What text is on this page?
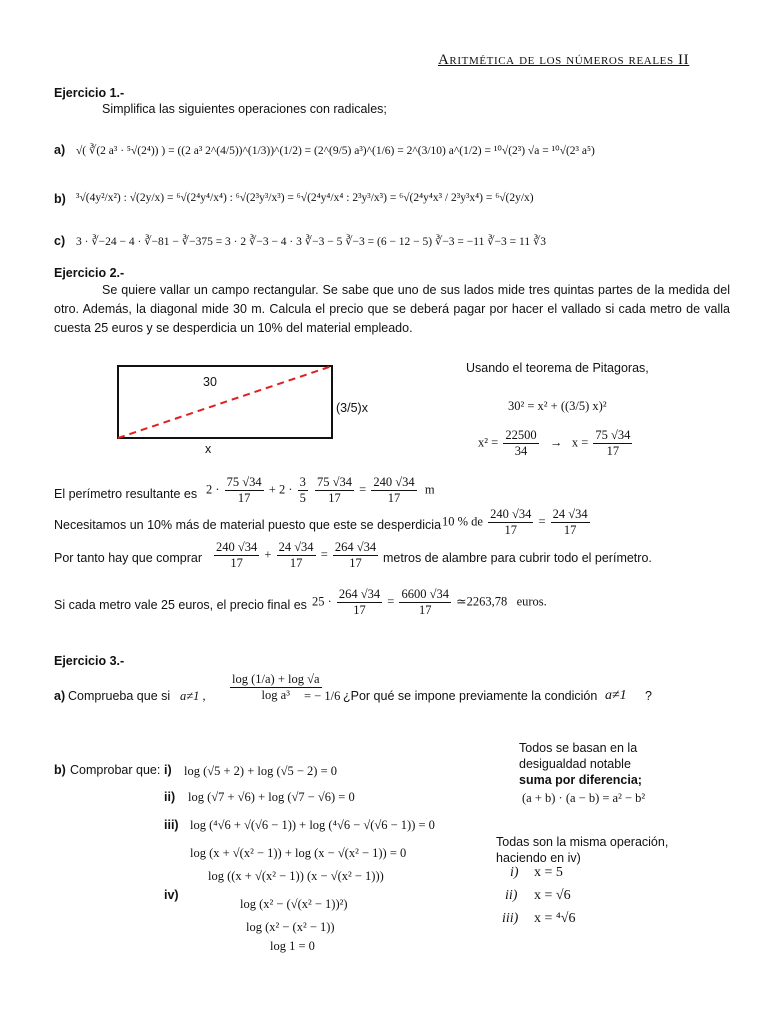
Aritmética de los números reales II
Ejercicio 1.-
Simplifica las siguientes operaciones con radicales;
a) √( ∛(2 a³ · ⁵√(2⁴)) ) = ((2 a³ 2^(4/5))^(1/3))^(1/2) = (2^(9/5) a³)^(1/6) = 2^(3/10) a^(1/2) = ¹⁰√(2³) √a = ¹⁰√(2³ a⁵)
b) ³√(4y²/x²) : √(2y/x) = ⁶√(2⁴y⁴/x⁴) : ⁶√(2³y³/x³) = ⁶√(2⁴y⁴/x⁴ : 2³y³/x³) = ⁶√(2⁴y⁴x³ / 2³y³x⁴) = ⁶√(2y/x)
c) 3 · ∛−24 − 4 · ∛−81 − ∛−375 = 3 · 2 ∛−3 − 4 · 3 ∛−3 − 5 ∛−3 = (6 − 12 − 5) ∛−3 = −11 ∛−3 = 11 ∛3
Ejercicio 2.-
Se quiere vallar un campo rectangular. Se sabe que uno de sus lados mide tres quintas partes de la medida del otro. Además, la diagonal mide 30 m. Calcula el precio que se deberá pagar por hacer el vallado si cada metro de valla cuesta 25 euros y se desperdicia un 10% del material empleado.
30
(3/5)x
x
Usando el teorema de Pitagoras,
30² = x² + ((3/5) x)²
$x^2 = \frac{22500}{34} \to x = \frac{75 √34}{17}$
El perímetro resultante es $2 \cdot \frac{75 √34}{17} + 2 \cdot \frac{3}{5}$
$\frac{75 √34}{17} = \frac{240 √34}{17}$ m
Necesitamos un 10% más de material puesto que este se desperdicia 10 % de $\frac{240 √34}{17} = \frac{24 √34}{17}$
Por tanto hay que comprar $\frac{240 √34}{17} + \frac{24 √34}{17} = \frac{264 √34}{17}$ metros de alambre para cubrir todo el perímetro.
Si cada metro vale 25 euros, el precio final es $25 \cdot \frac{264 √34}{17} = \frac{6600 √34}{17}$ ≃2263,78 euros.
Ejercicio 3.-
a) Comprueba que si a≠1 , $\frac{\log (1/a) + \log √a}{\text{log a³}}$
= − 1/6 ¿Por qué se impone previamente la condición a≠1 ?
b) Comprobar que: i) log (√5 + 2) + log (√5 − 2) = 0
ii) log (√7 + √6) + log (√7 − √6) = 0
iii) log (⁴√6 + √(√6 − 1)) + log (⁴√6 − √(√6 − 1)) = 0
log (x + √(x² − 1)) + log (x − √(x² − 1)) = 0
log ((x + √(x² − 1)) (x − √(x² − 1)))
iv)
log (x² − (√(x² − 1))²)
log (x² − (x² − 1))
log 1 = 0
Todos se basan en la
desigualdad notable
suma por diferencia;
(a + b) · (a − b) = a² − b²
Todas son la misma operación,
haciendo en iv)
i) x = 5
ii) x = √6
iii) x = ⁴√6
